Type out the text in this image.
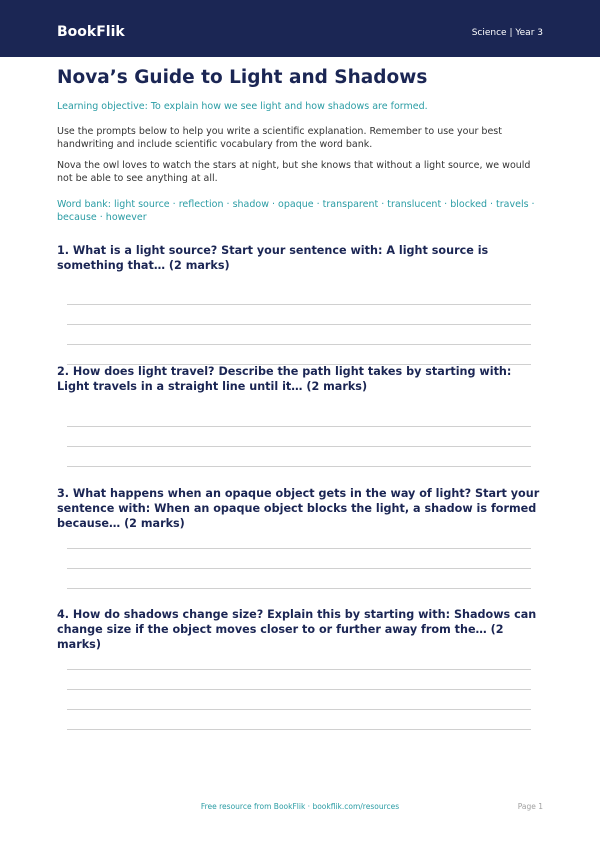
BookFlik	Science | Year 3
Nova’s Guide to Light and Shadows

Learning objective: To explain how we see light and how shadows are formed.

Use the prompts below to help you write a scientific explanation. Remember to use your best handwriting and include scientific vocabulary from the word bank.

Nova the owl loves to watch the stars at night, but she knows that without a light source, we would not be able to see anything at all.

Word bank: light source · reflection · shadow · opaque · transparent · translucent · blocked · travels · because · however

1. What is a light source? Start your sentence with: A light source is something that… (2 marks)

2. How does light travel? Describe the path light takes by starting with: Light travels in a straight line until it… (2 marks)

3. What happens when an opaque object gets in the way of light? Start your sentence with: When an opaque object blocks the light, a shadow is formed because… (2 marks)

4. How do shadows change size? Explain this by starting with: Shadows can change size if the object moves closer to or further away from the… (2 marks)

Free resource from BookFlik · bookflik.com/resources	Page 1
